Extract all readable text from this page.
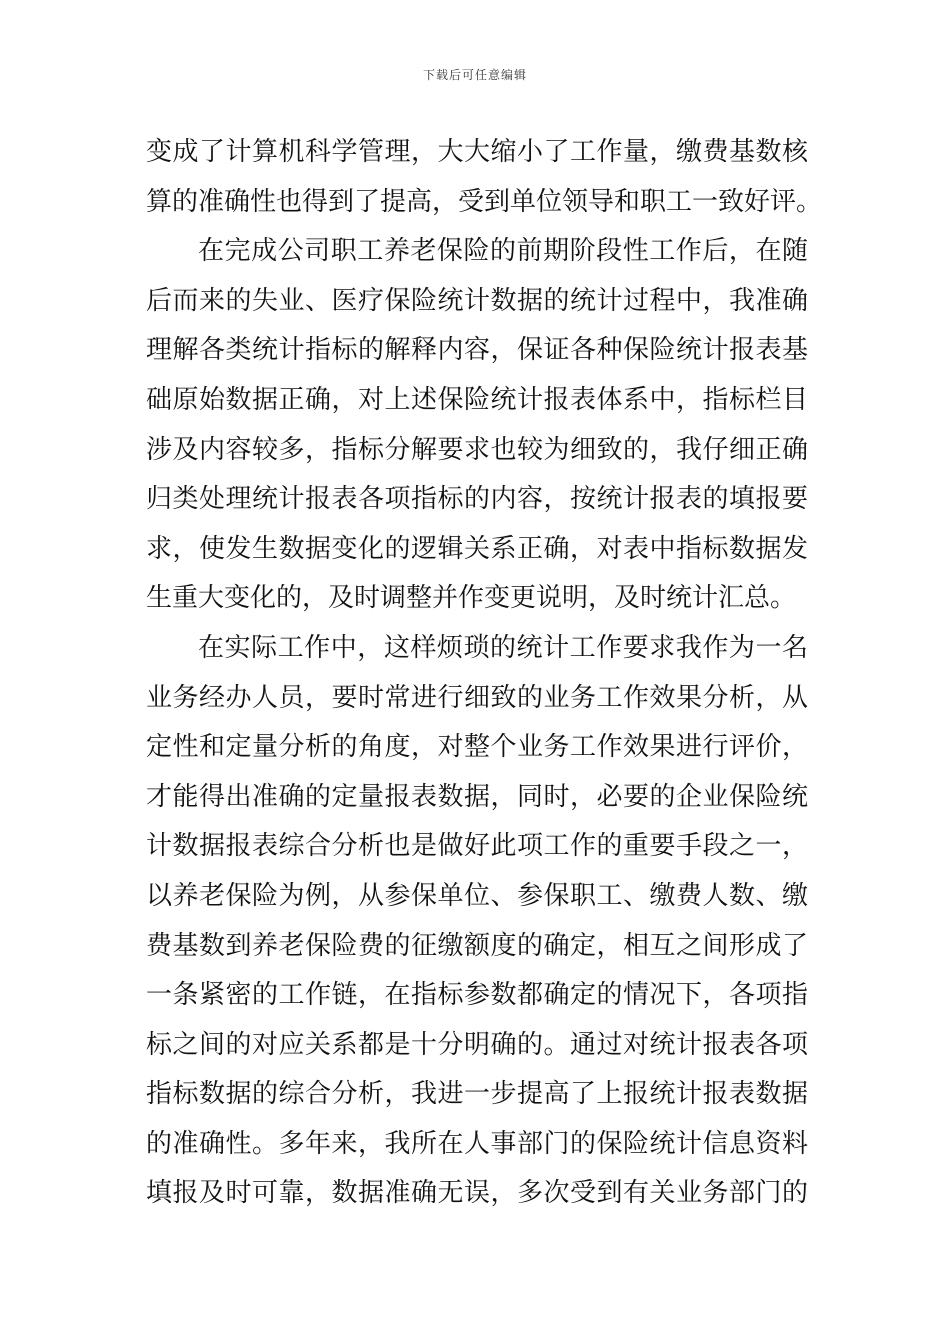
下载后可任意编辑
变成了计算机科学管理，大大缩小了工作量，缴费基数核
算的准确性也得到了提高，受到单位领导和职工一致好评。
在完成公司职工养老保险的前期阶段性工作后，在随
后而来的失业、医疗保险统计数据的统计过程中，我准确
理解各类统计指标的解释内容，保证各种保险统计报表基
础原始数据正确，对上述保险统计报表体系中，指标栏目
涉及内容较多，指标分解要求也较为细致的，我仔细正确
归类处理统计报表各项指标的内容，按统计报表的填报要
求，使发生数据变化的逻辑关系正确，对表中指标数据发
生重大变化的，及时调整并作变更说明，及时统计汇总。
在实际工作中，这样烦琐的统计工作要求我作为一名
业务经办人员，要时常进行细致的业务工作效果分析，从
定性和定量分析的角度，对整个业务工作效果进行评价，
才能得出准确的定量报表数据，同时，必要的企业保险统
计数据报表综合分析也是做好此项工作的重要手段之一，
以养老保险为例，从参保单位、参保职工、缴费人数、缴
费基数到养老保险费的征缴额度的确定，相互之间形成了
一条紧密的工作链，在指标参数都确定的情况下，各项指
标之间的对应关系都是十分明确的。通过对统计报表各项
指标数据的综合分析，我进一步提高了上报统计报表数据
的准确性。多年来，我所在人事部门的保险统计信息资料
填报及时可靠，数据准确无误，多次受到有关业务部门的
